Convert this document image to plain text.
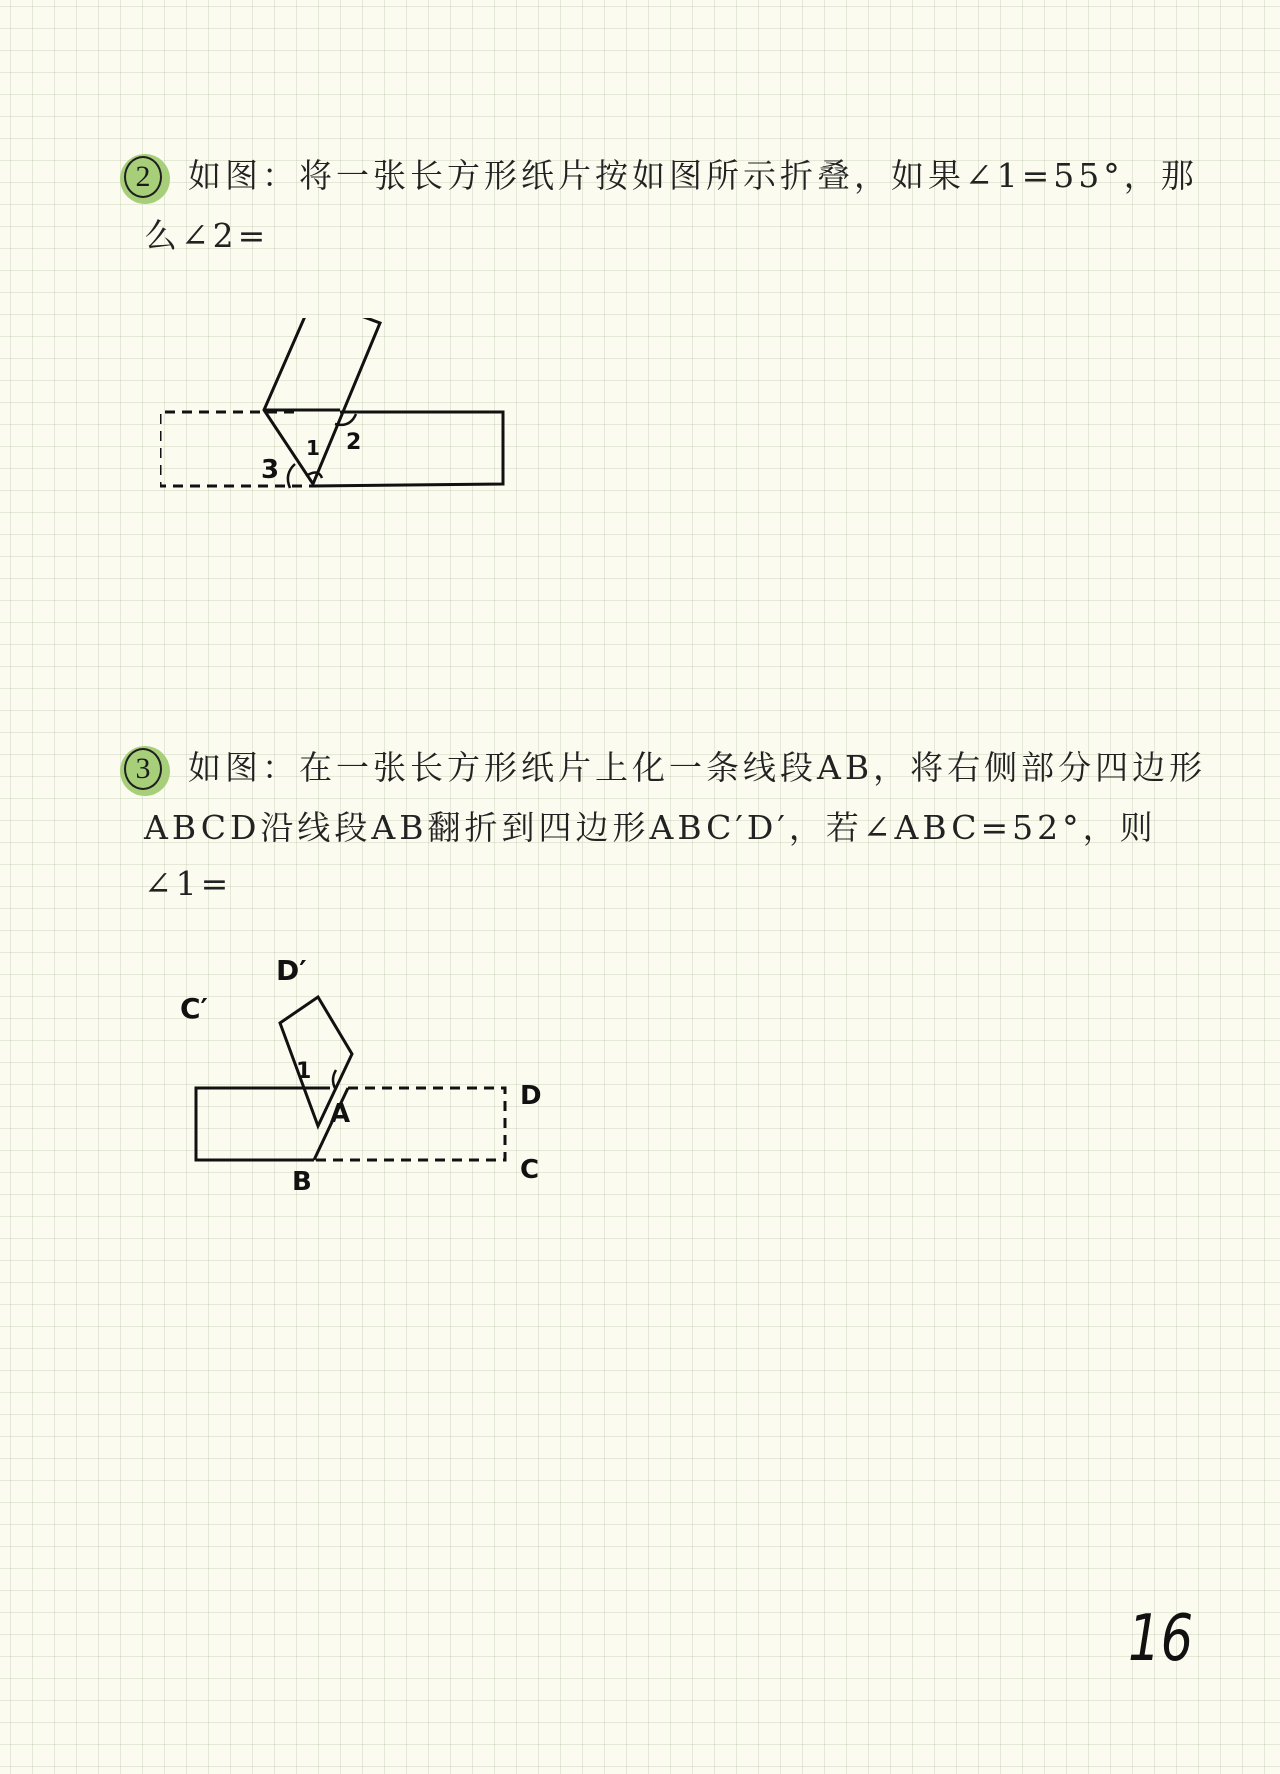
2	如图：将一张长方形纸片按如图所示折叠，如果∠1=55°，那

么∠2=

1 2
3
3	如图：在一张长方形纸片上化一条线段AB，将右侧部分四边形

ABCD沿线段AB翻折到四边形ABC′D′，若∠ABC=52°，则∠1=

C′
D′
1
A
B	C
D
16
